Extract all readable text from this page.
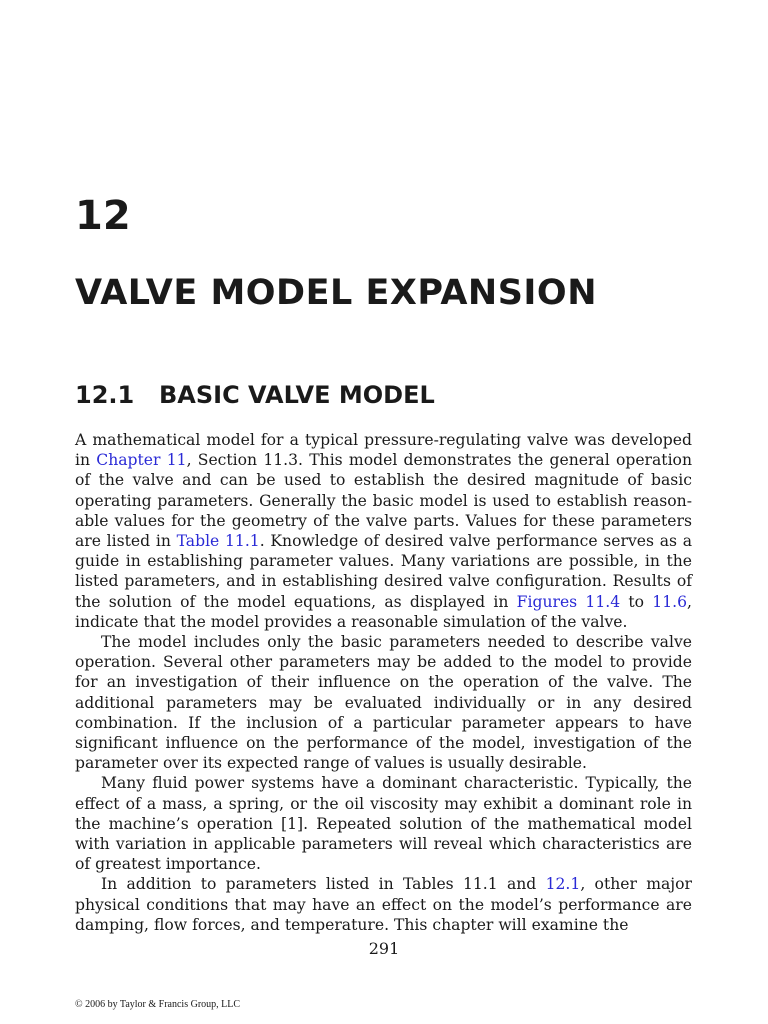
12
VALVE MODEL EXPANSION
12.1 BASIC VALVE MODEL

A mathematical model for a typical pressure-regulating valve was developed in Chapter 11, Section 11.3. This model demonstrates the general operation of the valve and can be used to establish the desired magnitude of basic operating parameters. Generally the basic model is used to establish reasonable values for the geometry of the valve parts. Values for these parameters are listed in Table 11.1. Knowledge of desired valve performance serves as a guide in establishing parameter values. Many variations are possible, in the listed parameters, and in establishing desired valve configuration. Results of the solution of the model equations, as displayed in Figures 11.4 to 11.6, indicate that the model provides a reasonable simulation of the valve.

The model includes only the basic parameters needed to describe valve operation. Several other parameters may be added to the model to provide for an investigation of their influence on the operation of the valve. The additional parameters may be evaluated individually or in any desired combination. If the inclusion of a particular parameter appears to have significant influence on the performance of the model, investigation of the parameter over its expected range of values is usually desirable.

Many fluid power systems have a dominant characteristic. Typically, the effect of a mass, a spring, or the oil viscosity may exhibit a dominant role in the machine’s operation [1]. Repeated solution of the mathematical model with variation in applicable parameters will reveal which characteristics are of greatest importance.

In addition to parameters listed in Tables 11.1 and 12.1, other major physical conditions that may have an effect on the model’s performance are damping, flow forces, and temperature. This chapter will examine the

291
© 2006 by Taylor & Francis Group, LLC
